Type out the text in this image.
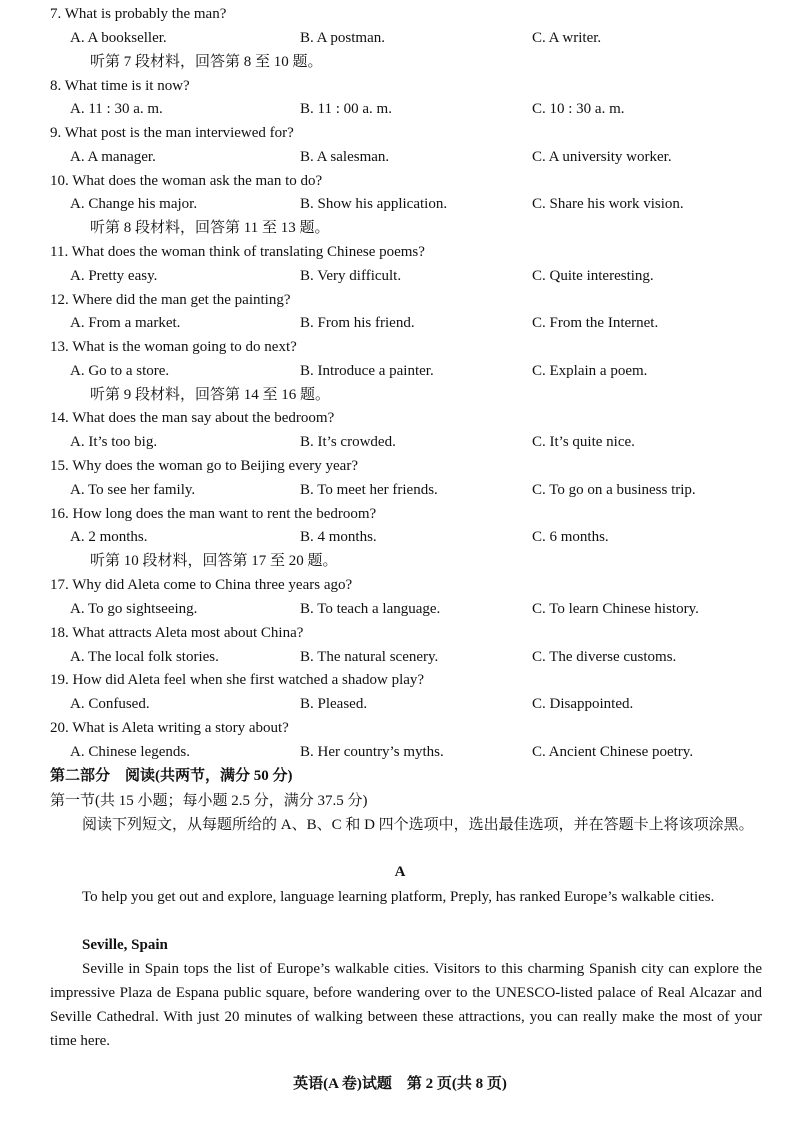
7. What is probably the man?
A. A bookseller.	B. A postman.	C. A writer.
听第 7 段材料，回答第 8 至 10 题。
8. What time is it now?
A. 11 : 30 a. m.	B. 11 : 00 a. m.	C. 10 : 30 a. m.
9. What post is the man interviewed for?
A. A manager.	B. A salesman.	C. A university worker.
10. What does the woman ask the man to do?
A. Change his major.	B. Show his application.	C. Share his work vision.
听第 8 段材料，回答第 11 至 13 题。
11. What does the woman think of translating Chinese poems?
A. Pretty easy.	B. Very difficult.	C. Quite interesting.
12. Where did the man get the painting?
A. From a market.	B. From his friend.	C. From the Internet.
13. What is the woman going to do next?
A. Go to a store.	B. Introduce a painter.	C. Explain a poem.
听第 9 段材料，回答第 14 至 16 题。
14. What does the man say about the bedroom?
A. It’s too big.	B. It’s crowded.	C. It’s quite nice.
15. Why does the woman go to Beijing every year?
A. To see her family.	B. To meet her friends.	C. To go on a business trip.
16. How long does the man want to rent the bedroom?
A. 2 months.	B. 4 months.	C. 6 months.
听第 10 段材料，回答第 17 至 20 题。
17. Why did Aleta come to China three years ago?
A. To go sightseeing.	B. To teach a language.	C. To learn Chinese history.
18. What attracts Aleta most about China?
A. The local folk stories.	B. The natural scenery.	C. The diverse customs.
19. How did Aleta feel when she first watched a shadow play?
A. Confused.	B. Pleased.	C. Disappointed.
20. What is Aleta writing a story about?
A. Chinese legends.	B. Her country’s myths.	C. Ancient Chinese poetry.
第二部分　阅读(共两节，满分 50 分)
第一节(共 15 小题；每小题 2.5 分，满分 37.5 分)
阅读下列短文，从每题所给的 A、B、C 和 D 四个选项中，选出最佳选项，并在答题卡上将该项涂黑。
A
To help you get out and explore, language learning platform, Preply, has ranked Europe’s walkable cities.
Seville, Spain
Seville in Spain tops the list of Europe’s walkable cities. Visitors to this charming Spanish city can explore the impressive Plaza de Espana public square, before wandering over to the UNESCO-listed palace of Real Alcazar and Seville Cathedral. With just 20 minutes of walking between these attractions, you can really make the most of your time here.
英语(A 卷)试题　第 2 页(共 8 页)
